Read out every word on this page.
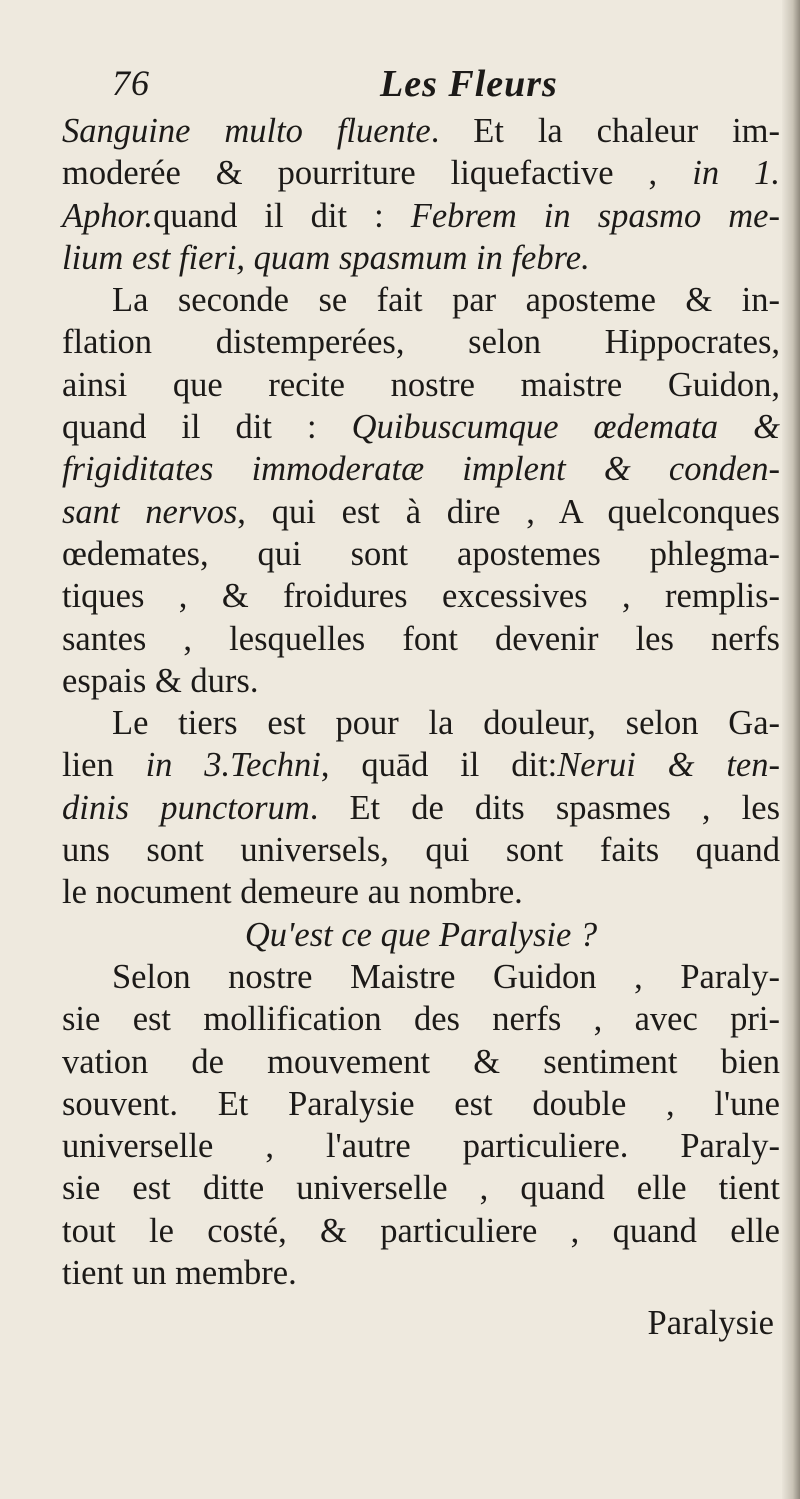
76	Les Fleurs
Sanguine multo fluente. Et la chaleur im-
moderée & pourriture liquefactive , in 1.
Aphor.quand il dit : Febrem in spasmo me-
lium est fieri, quam spasmum in febre.
La seconde se fait par aposteme & in-
flation distemperées, selon Hippocrates,
ainsi que recite nostre maistre Guidon,
quand il dit : Quibuscumque œdemata &
frigiditates immoderatæ implent & conden-
sant nervos, qui est à dire , A quelconques
œdemates, qui sont apostemes phlegma-
tiques , & froidures excessives , remplis-
santes , lesquelles font devenir les nerfs
espais & durs.
Le tiers est pour la douleur, selon Ga-
lien in 3.Techni, quād il dit:Nerui & ten-
dinis punctorum. Et de dits spasmes , les
uns sont universels, qui sont faits quand
le nocument demeure au nombre.
Qu'est ce que Paralysie ?
Selon nostre Maistre Guidon , Paraly-
sie est mollification des nerfs , avec pri-
vation de mouvement & sentiment bien
souvent. Et Paralysie est double , l'une
universelle , l'autre particuliere. Paraly-
sie est ditte universelle , quand elle tient
tout le costé, & particuliere , quand elle
tient un membre.
Paralysie
